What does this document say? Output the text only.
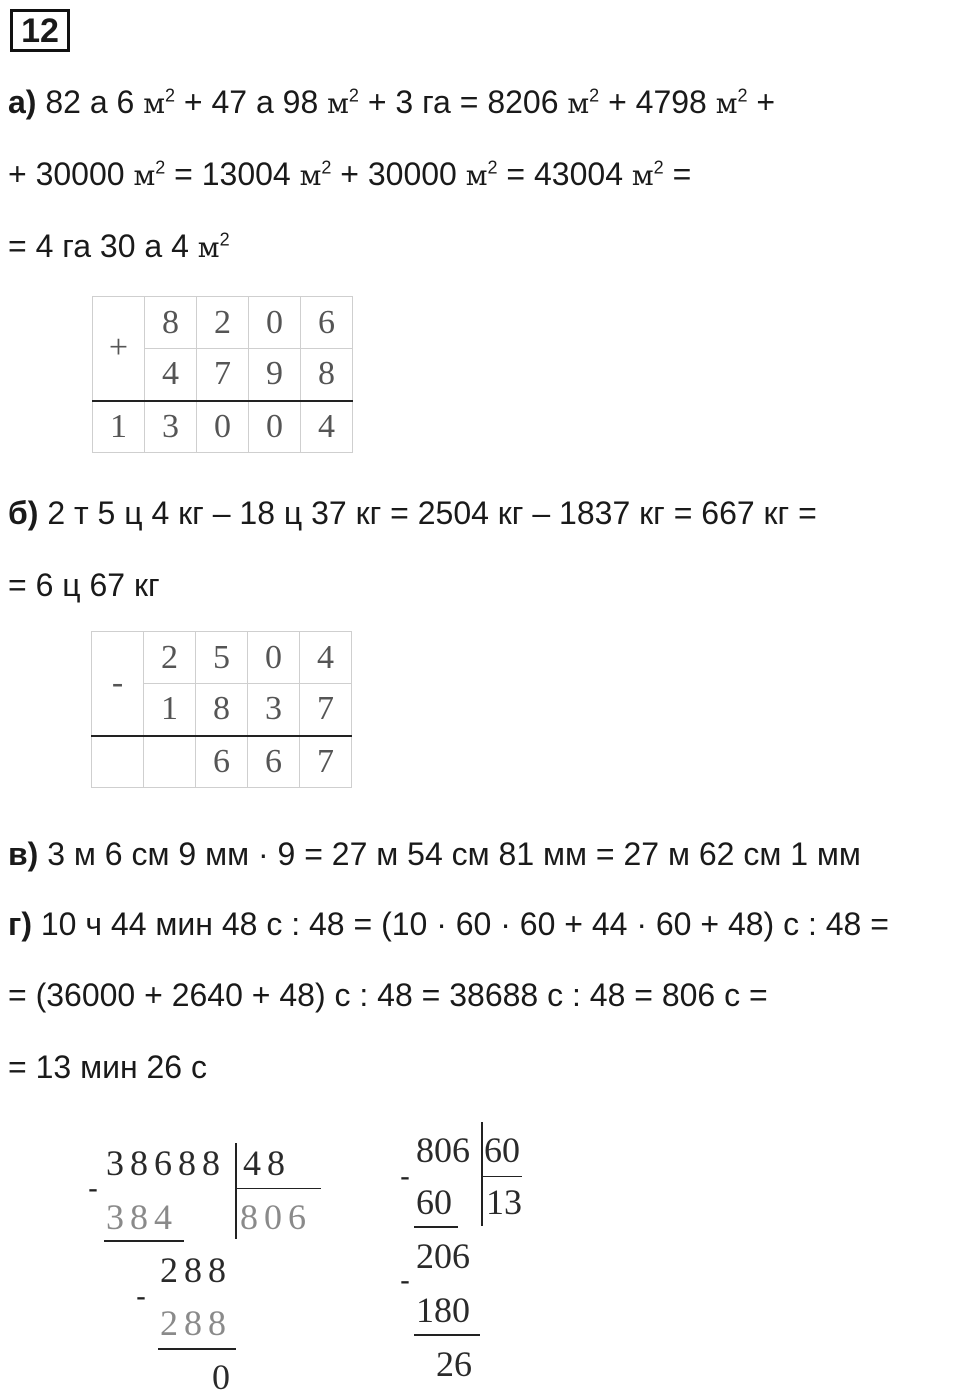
12
а) 82 а 6 $м^2 + 47$ а 98 $м^2 + 3$ га = 8206 $м^2 + 4798$ $м^2$ +
+ 30000 $м^2 = 13004$ $м^2 + 30000$ $м^2 = 43004$ $м^2$ =
= 4 га 30 а 4 $м^2$
+	8	2	0	6
	4	7	9	8
1	3	0	0	4
б) 2 т 5 ц 4 кг – 18 ц 37 кг = 2504 кг – 1837 кг = 667 кг =
= 6 ц 67 кг
-	2	5	0	4
	1	8	3	7
		6	6	7
в) 3 м 6 см 9 мм · 9 = 27 м 54 см 81 мм = 27 м 62 см 1 мм
г) 10 ч 44 мин 48 с : 48 = (10 · 60 · 60 + 44 · 60 + 48) с : 48 =
= (36000 + 2640 + 48) с : 48 = 38688 с : 48 = 806 с =
= 13 мин 26 с
38688 48
-
384 806
288
-
288
0
806 60
-
60 13
206
-
180
26
